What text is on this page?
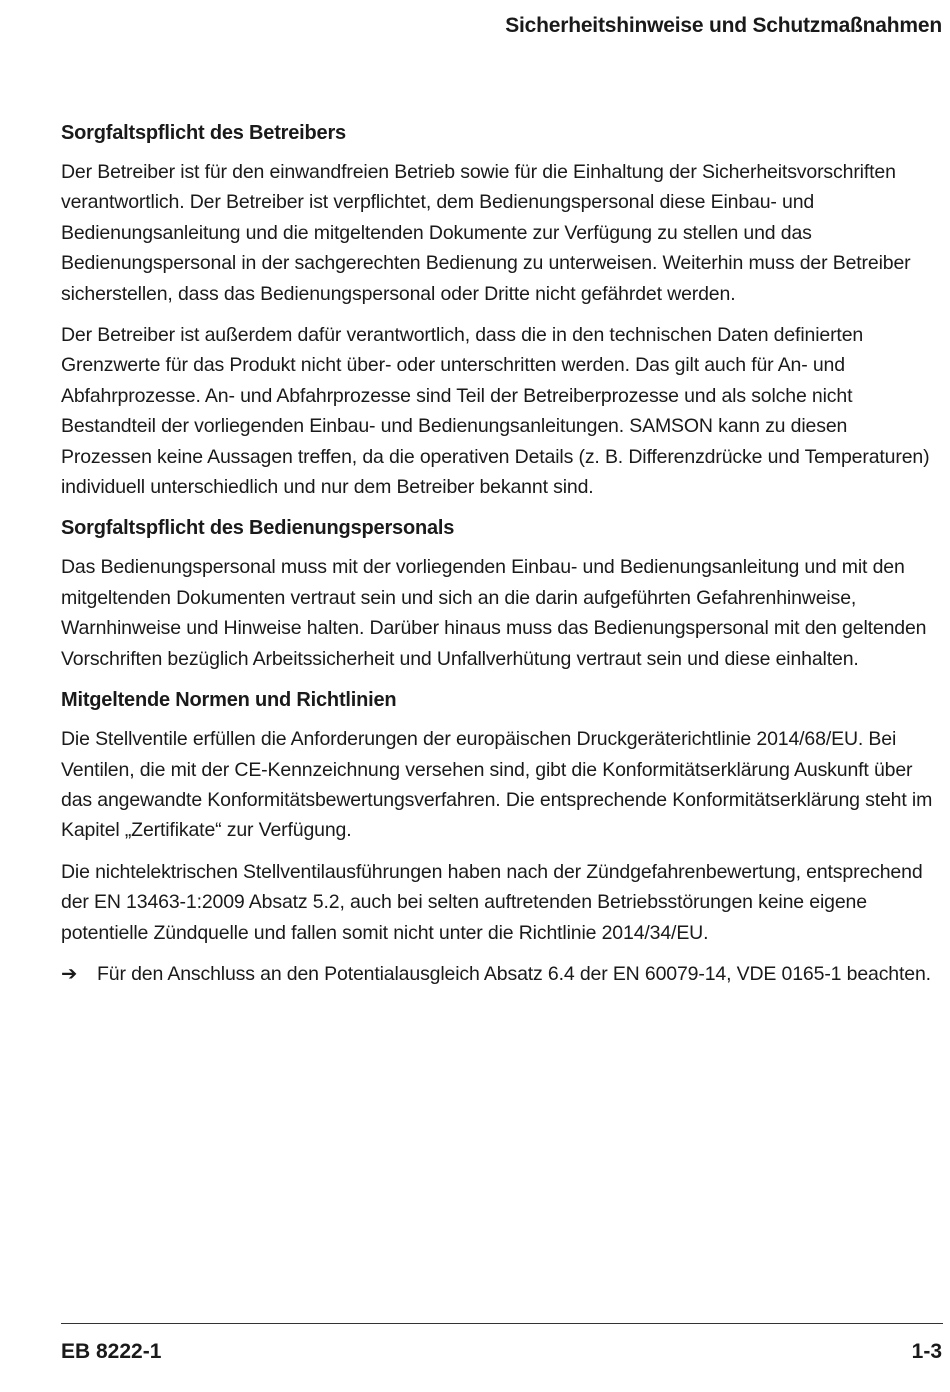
Sicherheitshinweise und Schutzmaßnahmen
Sorgfaltspflicht des Betreibers

Der Betreiber ist für den einwandfreien Betrieb sowie für die Einhaltung der Sicherheitsvorschriften verantwortlich. Der Betreiber ist verpflichtet, dem Bedienungspersonal diese Einbau- und Bedienungsanleitung und die mitgeltenden Dokumente zur Verfügung zu stellen und das Bedienungspersonal in der sachgerechten Bedienung zu unterweisen. Weiterhin muss der Betreiber sicherstellen, dass das Bedienungspersonal oder Dritte nicht gefährdet werden.

Der Betreiber ist außerdem dafür verantwortlich, dass die in den technischen Daten definierten Grenzwerte für das Produkt nicht über- oder unterschritten werden. Das gilt auch für An- und Abfahrprozesse. An- und Abfahrprozesse sind Teil der Betreiberprozesse und als solche nicht Bestandteil der vorliegenden Einbau- und Bedienungsanleitungen. SAMSON kann zu diesen Prozessen keine Aussagen treffen, da die operativen Details (z. B. Differenzdrücke und Temperaturen) individuell unterschiedlich und nur dem Betreiber bekannt sind.

Sorgfaltspflicht des Bedienungspersonals

Das Bedienungspersonal muss mit der vorliegenden Einbau- und Bedienungsanleitung und mit den mitgeltenden Dokumenten vertraut sein und sich an die darin aufgeführten Gefahrenhinweise, Warnhinweise und Hinweise halten. Darüber hinaus muss das Bedienungspersonal mit den geltenden Vorschriften bezüglich Arbeitssicherheit und Unfallverhütung vertraut sein und diese einhalten.

Mitgeltende Normen und Richtlinien

Die Stellventile erfüllen die Anforderungen der europäischen Druckgeräterichtlinie 2014/68/EU. Bei Ventilen, die mit der CE-Kennzeichnung versehen sind, gibt die Konformitätserklärung Auskunft über das angewandte Konformitätsbewertungsverfahren. Die entsprechende Konformitätserklärung steht im Kapitel „Zertifikate“ zur Verfügung.

Die nichtelektrischen Stellventilausführungen haben nach der Zündgefahrenbewertung, entsprechend der EN 13463-1:2009 Absatz 5.2, auch bei selten auftretenden Betriebsstörungen keine eigene potentielle Zündquelle und fallen somit nicht unter die Richtlinie 2014/34/EU.

➔	Für den Anschluss an den Potentialausgleich Absatz 6.4 der EN 60079-14, VDE 0165-1 beachten.
EB 8222-1	1-3
